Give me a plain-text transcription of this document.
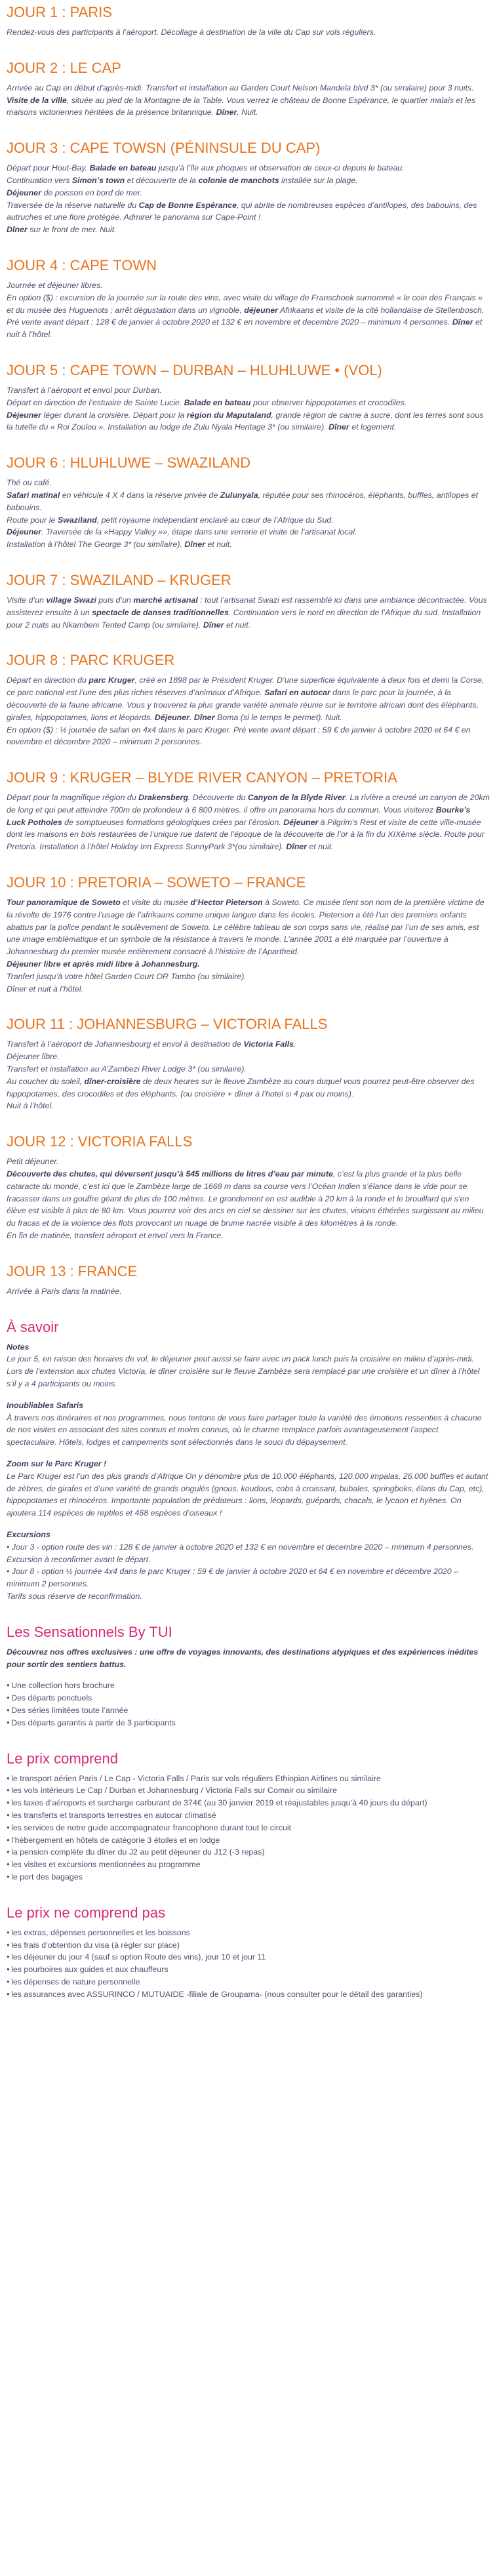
JOUR 1 : PARIS

Rendez-vous des participants à l’aéroport. Décollage à destination de la ville du Cap sur vols réguliers.

JOUR 2 : LE CAP

Arrivée au Cap en début d’après-midi. Transfert et installation au Garden Court Nelson Mandela blvd 3* (ou similaire) pour 3 nuits. Visite de la ville, située au pied de la Montagne de la Table. Vous verrez le château de Bonne Espérance, le quartier malais et les maisons victoriennes héritées de la présence britannique. Dîner. Nuit.

JOUR 3 : CAPE TOWSN (PÉNINSULE DU CAP)

Départ pour Hout-Bay. Balade en bateau jusqu’à l’île aux phoques et observation de ceux-ci depuis le bateau.
Continuation vers Simon’s town et découverte de la colonie de manchots installée sur la plage.
Déjeuner de poisson en bord de mer.
Traversée de la réserve naturelle du Cap de Bonne Espérance, qui abrite de nombreuses espèces d’antilopes, des babouins, des autruches et une flore protégée. Admirer le panorama sur Cape-Point !
Dîner sur le front de mer. Nuit.

JOUR 4 : CAPE TOWN

Journée et déjeuner libres.
En option ($) : excursion de la journée sur la route des vins, avec visite du village de Franschoek surnommé « le coin des Français » et du musée des Huguenots ; arrêt dégustation dans un vignoble, déjeuner Afrikaans et visite de la cité hollandaise de Stellenbosch.
Pré vente avant départ : 128 € de janvier à octobre 2020 et 132 € en novembre et decembre 2020 – minimum 4 personnes. Dîner et nuit à l’hôtel.

JOUR 5 : CAPE TOWN – DURBAN – HLUHLUWE • (VOL)

Transfert à l’aéroport et envol pour Durban.
Départ en direction de l’estuaire de Sainte Lucie. Balade en bateau pour observer hippopotames et crocodiles.
Déjeuner léger durant la croisière. Départ pour la région du Maputaland, grande région de canne à sucre, dont les terres sont sous la tutelle du « Roi Zoulou ». Installation au lodge de Zulu Nyala Heritage 3* (ou similaire). Dîner et logement.

JOUR 6 : HLUHLUWE – SWAZILAND

Thé ou café.
Safari matinal en véhicule 4 X 4 dans la réserve privée de Zulunyala, réputée pour ses rhinocéros, éléphants, buffles, antilopes et babouins.
Route pour le Swaziland, petit royaume indépendant enclavé au cœur de l’Afrique du Sud.
Déjeuner. Traversée de la «Happy Valley »», étape dans une verrerie et visite de l’artisanat local.
Installation à l’hôtel The George 3* (ou similaire). Dîner et nuit.

JOUR 7 : SWAZILAND – KRUGER

Visite d’un village Swazi puis d’un marché artisanal : tout l’artisanat Swazi est rassemblé ici dans une ambiance décontractée. Vous assisterez ensuite à un spectacle de danses traditionnelles. Continuation vers le nord en direction de l’Afrique du sud. Installation pour 2 nuits au Nkambeni Tented Camp (ou similaire). Dîner et nuit.

JOUR 8 : PARC KRUGER

Départ en direction du parc Kruger, créé en 1898 par le Président Kruger. D’une superficie équivalente à deux fois et demi la Corse, ce parc national est l’une des plus riches réserves d’animaux d’Afrique. Safari en autocar dans le parc pour la journée, à la découverte de la faune africaine. Vous y trouverez la plus grande variété animale réunie sur le territoire africain dont des éléphants, girafes, hippopotames, lions et léopards. Déjeuner. Dîner Boma (si le temps le permet). Nuit.
En option ($) : ½ journée de safari en 4x4 dans le parc Kruger. Pré vente avant départ : 59 € de janvier à octobre 2020 et 64 € en novembre et décembre 2020 – minimum 2 personnes.

JOUR 9 : KRUGER – BLYDE RIVER CANYON – PRETORIA

Départ pour la magnifique région du Drakensberg. Découverte du Canyon de la Blyde River. La rivière a creusé un canyon de 20km de long et qui peut atteindre 700m de profondeur à 6 800 mètres. il offre un panorama hors du commun. Vous visiterez Bourke’s Luck Potholes de somptueuses formations géologiques crées par l’érosion. Déjeuner à Pilgrim’s Rest et visite de cette ville-musée dont les maisons en bois restaurées de l’unique rue datent de l’époque de la découverte de l’or à la fin du XIXème siècle. Route pour Pretoria. Installation à l’hôtel Holiday Inn Express SunnyPark 3*(ou similaire). Dîner et nuit.

JOUR 10 : PRETORIA – SOWETO – FRANCE

Tour panoramique de Soweto et visite du musée d’Hector Pieterson à Soweto. Ce musée tient son nom de la première victime de la révolte de 1976 contre l’usage de l’afrikaans comme unique langue dans les écoles. Pieterson a été l’un des premiers enfants abattus par la police pendant le soulèvement de Soweto. Le célèbre tableau de son corps sans vie, réalisé par l’un de ses amis, est une image emblématique et un symbole de la résistance à travers le monde. L’année 2001 a été marquée par l’ouverture à Johannesburg du premier musée entièrement consacré à l’histoire de l’Apartheid.
Déjeuner libre et après midi libre à Johannesburg.
Tranfert jusqu’à votre hôtel Garden Court OR Tambo (ou similaire).
Dîner et nuit à l’hôtel.

JOUR 11 : JOHANNESBURG – VICTORIA FALLS

Transfert à l’aéroport de Johannesbourg et envol à destination de Victoria Falls.
Déjeuner libre.
Transfert et installation au A’Zambezi River Lodge 3* (ou similaire).
Au coucher du soleil, dîner-croisière de deux heures sur le fleuve Zambèze au cours duquel vous pourrez peut-être observer des hippopotames, des crocodiles et des éléphants. (ou croisière + dîner à l’hotel si 4 pax ou moins).
Nuit à l’hôtel.

JOUR 12 : VICTORIA FALLS

Petit déjeuner.
Découverte des chutes, qui déversent jusqu’à 545 millions de litres d’eau par minute, c’est la plus grande et la plus belle cataracte du monde, c’est ici que le Zambèze large de 1668 m dans sa course vers l’Océan Indien s’élance dans le vide pour se fracasser dans un gouffre géant de plus de 100 mètres. Le grondement en est audible à 20 km à la ronde et le brouillard qui s’en élève est visible à plus de 80 km. Vous pourrez voir des arcs en ciel se dessiner sur les chutes, visions éthérées surgissant au milieu du fracas et de la violence des flots provocant un nuage de brume nacrée visible à des kilomètres à la ronde.
En fin de matinée, transfert aéroport et envol vers la France.

JOUR 13 : FRANCE

Arrivée à Paris dans la matinée.

À savoir

Notes
Le jour 5, en raison des horaires de vol, le déjeuner peut aussi se faire avec un pack lunch puis la croisière en milieu d’après-midi.
Lors de l’extension aux chutes Victoria, le dîner croisière sur le fleuve Zambèze sera remplacé par une croisière et un dîner à l’hôtel s’il y a 4 participants ou moins.

Inoubliables Safaris
À travers nos itinéraires et nos programmes, nous tentons de vous faire partager toute la variété des émotions ressenties à chacune de nos visites en associant des sites connus et moins connus, où le charme remplace parfois avantageusement l’aspect spectaculaire. Hôtels, lodges et campements sont sélectionnés dans le souci du dépaysement.

Zoom sur le Parc Kruger !
Le Parc Kruger est l’un des plus grands d’Afrique On y dénombre plus de 10.000 éléphants, 120.000 impalas, 26.000 buffles et autant de zèbres, de girafes et d’une variété de grands ongulés (gnous, koudous, cobs à croissant, bubales, springboks, élans du Cap, etc), hippopotames et rhinocéros. Importante population de prédateurs : lions, léopards, guépards, chacals, le lycaon et hyènes. On ajoutera 114 espèces de reptiles et 468 espèces d’oiseaux !

Excursions
• Jour 3 - option route des vin : 128 € de janvier à octobre 2020 et 132 € en novembre et decembre 2020 – minimum 4 personnes. Excursion à reconfirmer avant le départ.
• Jour 8 - option ½ journée 4x4 dans le parc Kruger : 59 € de janvier à octobre 2020 et 64 € en novembre et décembre 2020 – minimum 2 personnes.
Tarifs sous réserve de reconfirmation.

Les Sensationnels By TUI

Découvrez nos offres exclusives : une offre de voyages innovants, des destinations atypiques et des expériences inédites pour sortir des sentiers battus.

● Une collection hors brochure
● Des départs ponctuels
● Des séries limitées toute l’année
● Des départs garantis à partir de 3 participants
Le prix comprend
● le transport aérien Paris / Le Cap - Victoria Falls / Paris sur vols réguliers Ethiopian Airlines ou similaire
● les vols intérieurs Le Cap / Durban et Johannesburg / Victoria Falls sur Comair ou similaire
● les taxes d’aéroports et surcharge carburant de 374€ (au 30 janvier 2019 et réajustables jusqu’à 40 jours du départ)
● les transferts et transports terrestres en autocar climatisé
● les services de notre guide accompagnateur francophone durant tout le circuit
● l’hébergement en hôtels de catégorie 3 étoiles et en lodge
● la pension complète du dîner du J2 au petit déjeuner du J12 (-3 repas)
● les visites et excursions mentionnées au programme
● le port des bagages
Le prix ne comprend pas
● les extras, dépenses personnelles et les boissons
● les frais d’obtention du visa (à régler sur place)
● les déjeuner du jour 4 (sauf si option Route des vins), jour 10 et jour 11
● les pourboires aux guides et aux chauffeurs
● les dépenses de nature personnelle
● les assurances avec ASSURINCO / MUTUAIDE -filiale de Groupama- (nous consulter pour le détail des garanties)
